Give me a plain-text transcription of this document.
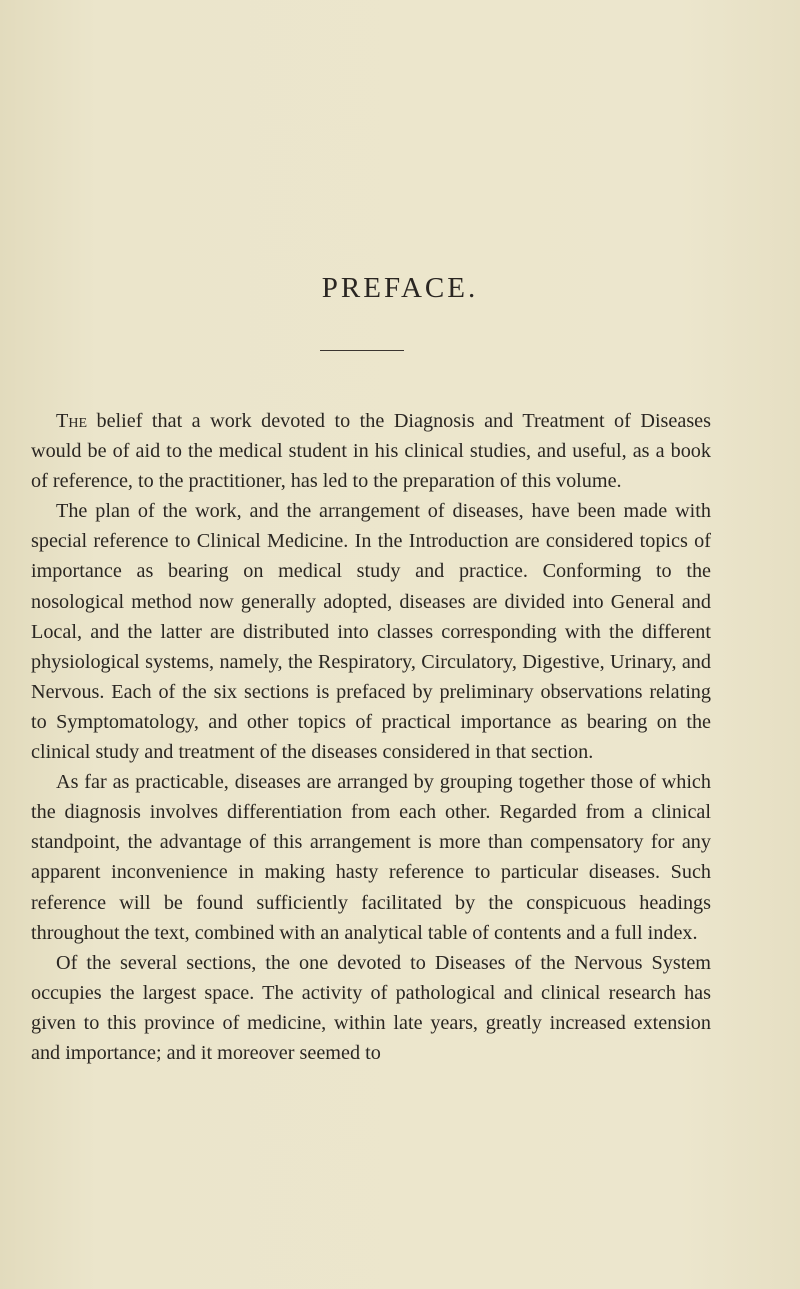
PREFACE.

The belief that a work devoted to the Diagnosis and Treatment of Diseases would be of aid to the medical student in his clinical studies, and useful, as a book of reference, to the practitioner, has led to the preparation of this volume.

The plan of the work, and the arrangement of diseases, have been made with special reference to Clinical Medicine. In the Introduction are considered topics of importance as bearing on medical study and practice. Conforming to the nosological method now generally adopted, diseases are divided into General and Local, and the latter are distributed into classes corresponding with the different physiological systems, namely, the Respiratory, Circulatory, Digestive, Urinary, and Nervous. Each of the six sections is prefaced by preliminary observations relating to Symptomatology, and other topics of practical importance as bearing on the clinical study and treatment of the diseases considered in that section.

As far as practicable, diseases are arranged by grouping together those of which the diagnosis involves differentiation from each other. Regarded from a clinical standpoint, the advantage of this arrangement is more than compensatory for any apparent inconvenience in making hasty reference to particular diseases. Such reference will be found sufficiently facilitated by the conspicuous headings throughout the text, combined with an analytical table of contents and a full index.

Of the several sections, the one devoted to Diseases of the Nervous System occupies the largest space. The activity of pathological and clinical research has given to this province of medicine, within late years, greatly increased extension and importance; and it moreover seemed to
